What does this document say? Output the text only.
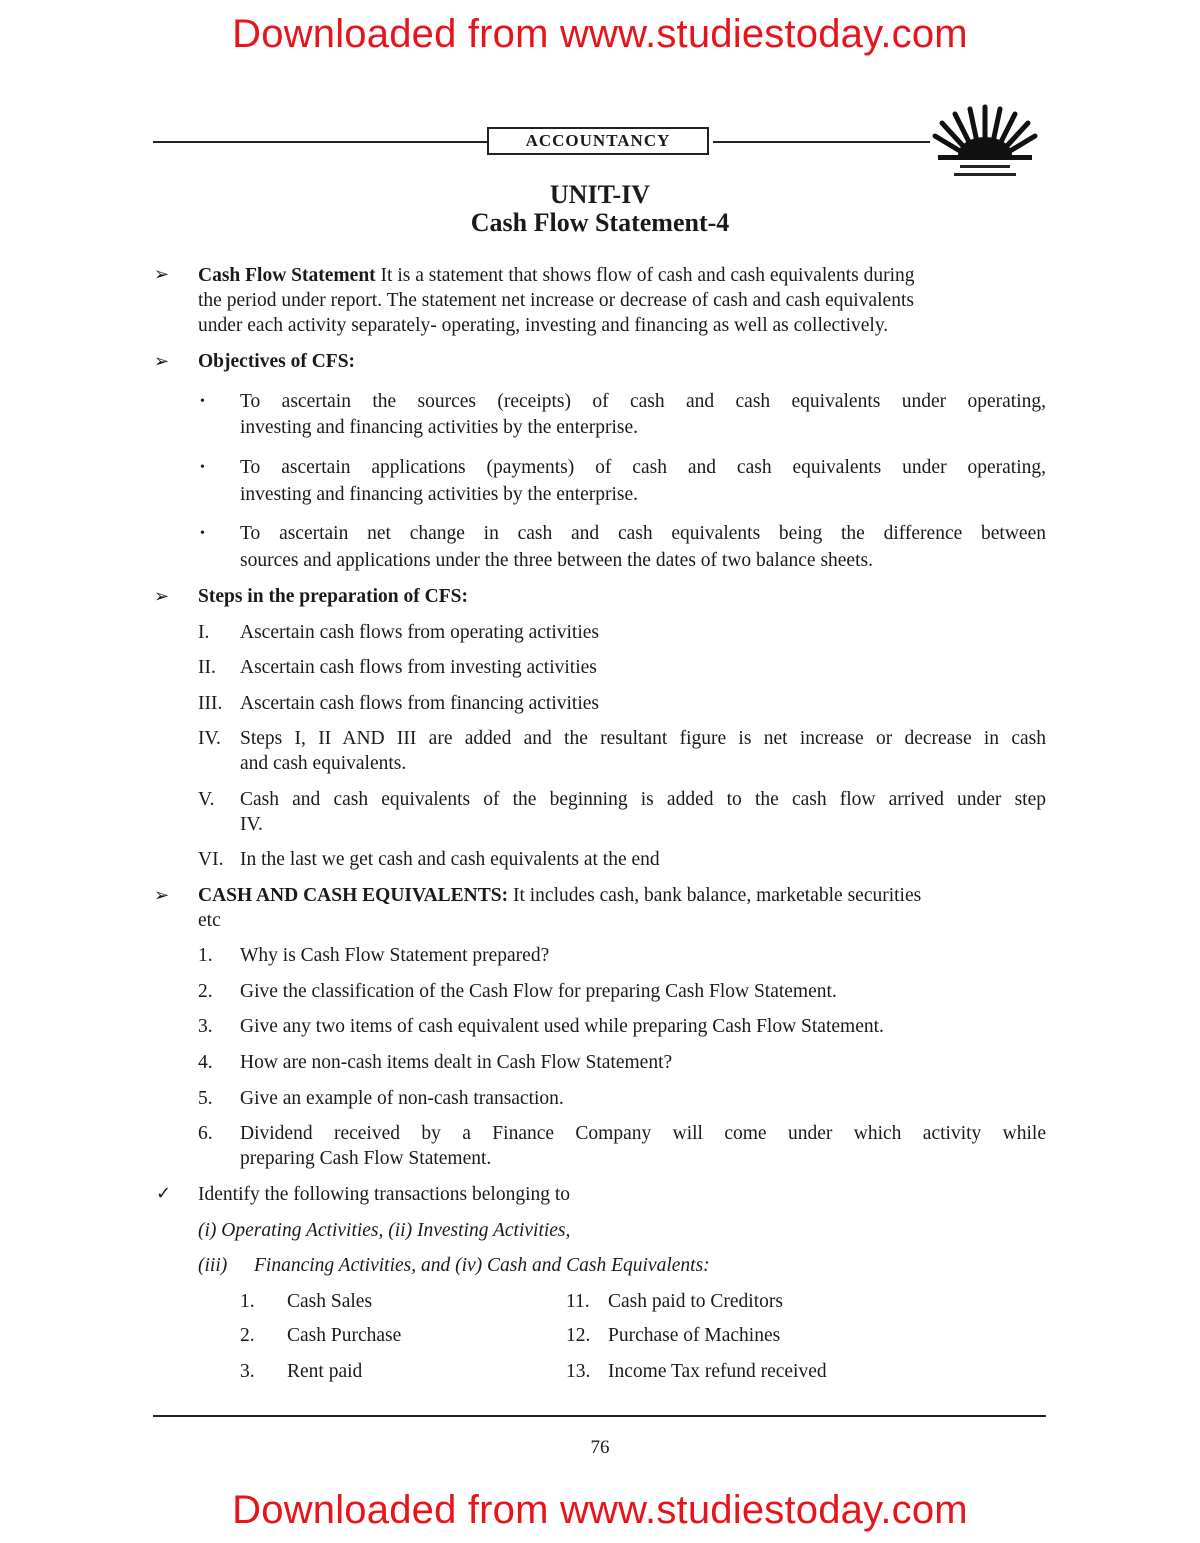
Downloaded from www.studiestoday.com
ACCOUNTANCY
UNIT-IV
Cash Flow Statement-4
➢ Cash Flow Statement It is a statement that shows flow of cash and cash equivalents during
the period under report. The statement net increase or decrease of cash and cash equivalents
under each activity separately- operating, investing and financing as well as collectively.
➢ Objectives of CFS:
• To ascertain the sources (receipts) of cash and cash equivalents under operating,
investing and financing activities by the enterprise.
• To ascertain applications (payments) of cash and cash equivalents under operating,
investing and financing activities by the enterprise.
• To ascertain net change in cash and cash equivalents being the difference between
sources and applications under the three between the dates of two balance sheets.
➢ Steps in the preparation of CFS:
I. Ascertain cash flows from operating activities
II. Ascertain cash flows from investing activities
III. Ascertain cash flows from financing activities
IV. Steps I, II AND III are added and the resultant figure is net increase or decrease in cash
and cash equivalents.
V. Cash and cash equivalents of the beginning is added to the cash flow arrived under step
IV.
VI. In the last we get cash and cash equivalents at the end
➢ CASH AND CASH EQUIVALENTS: It includes cash, bank balance, marketable securities
etc
1. Why is Cash Flow Statement prepared?
2. Give the classification of the Cash Flow for preparing Cash Flow Statement.
3. Give any two items of cash equivalent used while preparing Cash Flow Statement.
4. How are non-cash items dealt in Cash Flow Statement?
5. Give an example of non-cash transaction.
6. Dividend received by a Finance Company will come under which activity while
preparing Cash Flow Statement.
✓ Identify the following transactions belonging to
(i) Operating Activities, (ii) Investing Activities,
(iii) Financing Activities, and (iv) Cash and Cash Equivalents:
1. Cash Sales	11. Cash paid to Creditors
2. Cash Purchase	12. Purchase of Machines
3. Rent paid	13. Income Tax refund received
76
Downloaded from www.studiestoday.com
